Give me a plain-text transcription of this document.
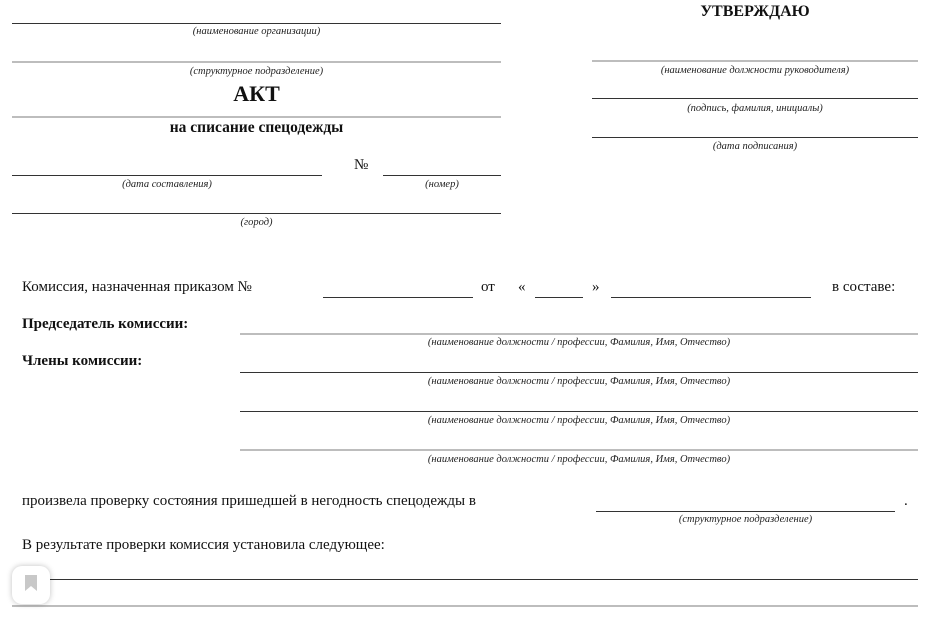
(наименование организации)
(структурное подразделение)
АКТ
на списание спецодежды
№
(дата составления)	(номер)
(город)
УТВЕРЖДАЮ
(наименование должности руководителя)
(подпись, фамилия, инициалы)
(дата подписания)
Комиссия, назначенная приказом №	от «	»	в составе:
Председатель комиссии:
(наименование должности / профессии, Фамилия, Имя, Отчество)
Члены комиссии:
(наименование должности / профессии, Фамилия, Имя, Отчество)
(наименование должности / профессии, Фамилия, Имя, Отчество)
(наименование должности / профессии, Фамилия, Имя, Отчество)
произвела проверку состояния пришедшей в негодность спецодежды в	.
(структурное подразделение)
В результате проверки комиссия установила следующее:
